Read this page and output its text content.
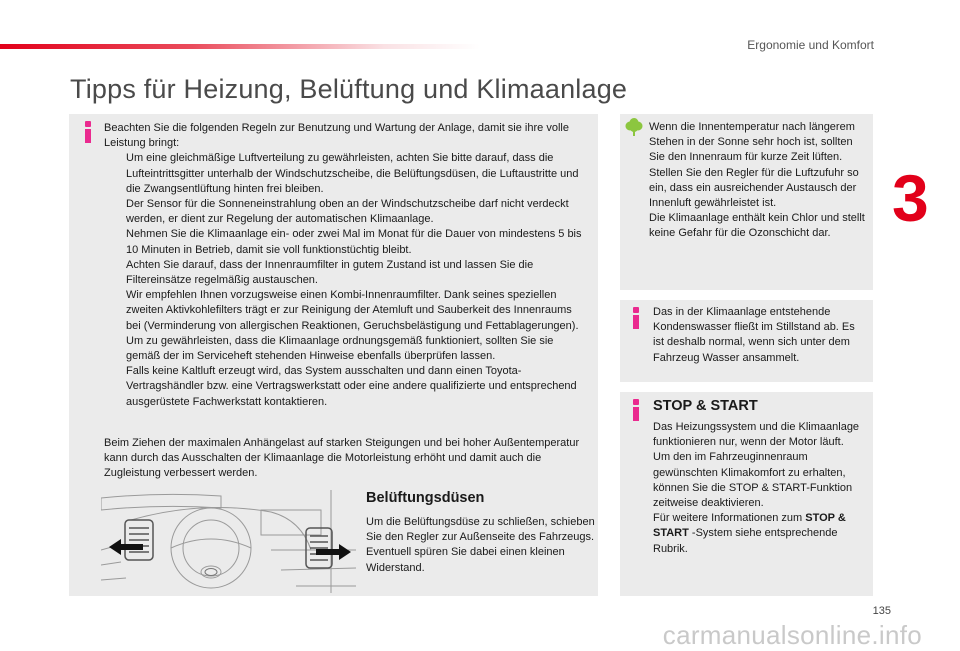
Ergonomie und Komfort
Tipps für Heizung, Belüftung und Klimaanlage
3

Beachten Sie die folgenden Regeln zur Benutzung und Wartung der Anlage, damit sie ihre volle Leistung bringt:

Um eine gleichmäßige Luftverteilung zu gewährleisten, achten Sie bitte darauf, dass die Lufteintrittsgitter unterhalb der Windschutzscheibe, die Belüftungsdüsen, die Luftaustritte und die Zwangsentlüftung hinten frei bleiben.
Der Sensor für die Sonneneinstrahlung oben an der Windschutzscheibe darf nicht verdeckt werden, er dient zur Regelung der automatischen Klimaanlage.
Nehmen Sie die Klimaanlage ein- oder zwei Mal im Monat für die Dauer von mindestens 5 bis 10 Minuten in Betrieb, damit sie voll funktionstüchtig bleibt.
Achten Sie darauf, dass der Innenraumfilter in gutem Zustand ist und lassen Sie die Filtereinsätze regelmäßig austauschen.
Wir empfehlen Ihnen vorzugsweise einen Kombi-Innenraumfilter. Dank seines speziellen zweiten Aktivkohlefilters trägt er zur Reinigung der Atemluft und Sauberkeit des Innenraums bei (Verminderung von allergischen Reaktionen, Geruchsbelästigung und Fettablagerungen).
Um zu gewährleisten, dass die Klimaanlage ordnungsgemäß funktioniert, sollten Sie sie gemäß der im Serviceheft stehenden Hinweise ebenfalls überprüfen lassen.
Falls keine Kaltluft erzeugt wird, das System ausschalten und dann einen Toyota-Vertragshändler bzw. eine Vertragswerkstatt oder eine andere qualifizierte und entsprechend ausgerüstete Fachwerkstatt kontaktieren.

Beim Ziehen der maximalen Anhängelast auf starken Steigungen und bei hoher Außentemperatur kann durch das Ausschalten der Klimaanlage die Motorleistung erhöht und damit auch die Zugleistung verbessert werden.

Belüftungsdüsen

Um die Belüftungsdüse zu schließen, schieben Sie den Regler zur Außenseite des Fahrzeugs. Eventuell spüren Sie dabei einen kleinen Widerstand.

Wenn die Innentemperatur nach längerem Stehen in der Sonne sehr hoch ist, sollten Sie den Innenraum für kurze Zeit lüften.
Stellen Sie den Regler für die Luftzufuhr so ein, dass ein ausreichender Austausch der Innenluft gewährleistet ist.
Die Klimaanlage enthält kein Chlor und stellt keine Gefahr für die Ozonschicht dar.

Das in der Klimaanlage entstehende Kondenswasser fließt im Stillstand ab. Es ist deshalb normal, wenn sich unter dem Fahrzeug Wasser ansammelt.

STOP & START

Das Heizungssystem und die Klimaanlage funktionieren nur, wenn der Motor läuft.
Um den im Fahrzeuginnenraum gewünschten Klimakomfort zu erhalten, können Sie die STOP & START-Funktion zeitweise deaktivieren.
Für weitere Informationen zum STOP & START -System siehe entsprechende Rubrik.

135
carmanualsonline.info
